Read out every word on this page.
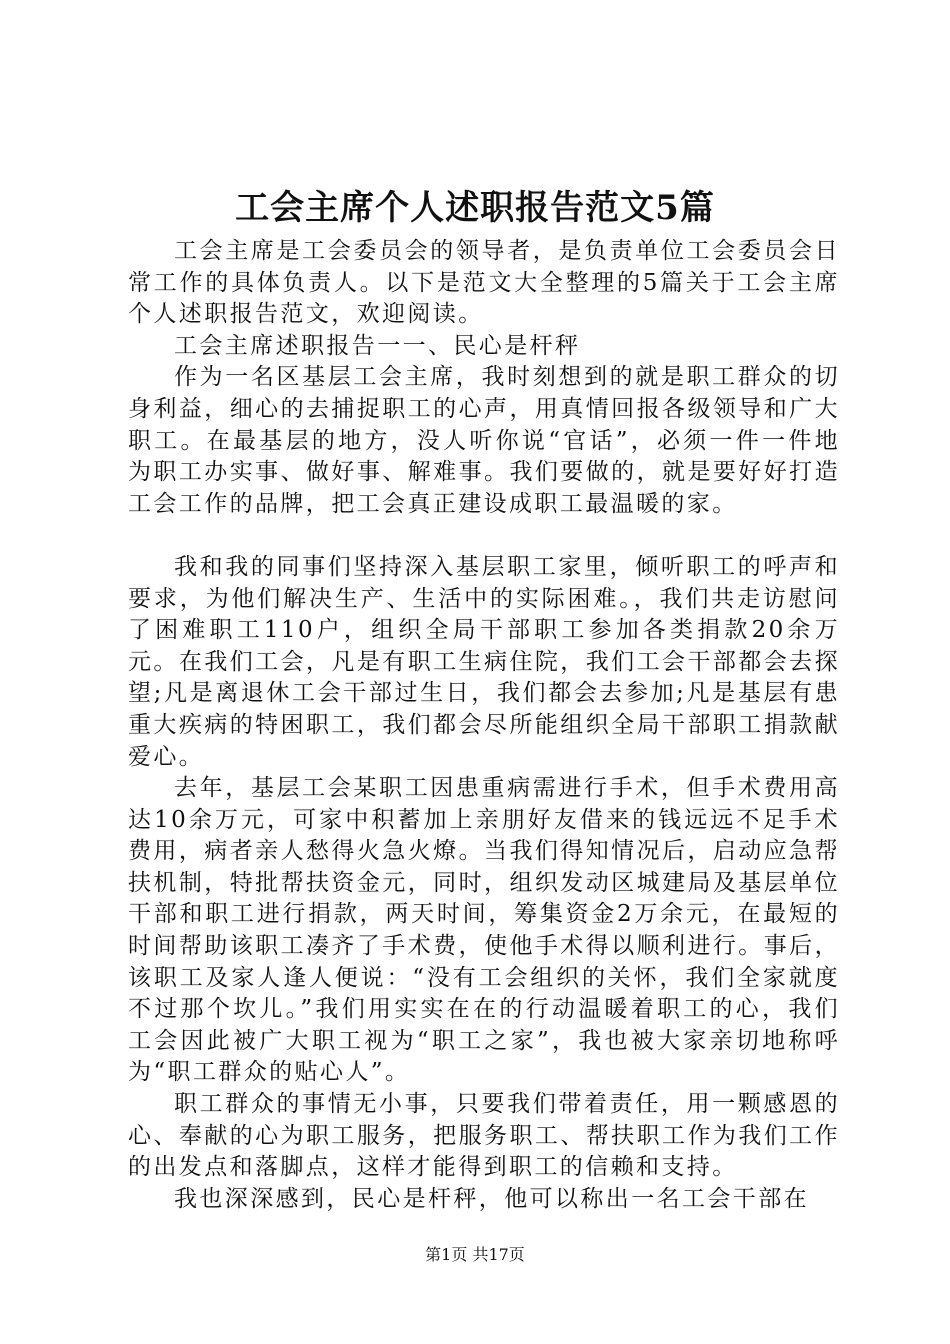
工会主席个人述职报告范文5篇

工会主席是工会委员会的领导者，是负责单位工会委员会日常工作的具体负责人。以下是范文大全整理的5篇关于工会主席个人述职报告范文，欢迎阅读。

工会主席述职报告一一、民心是杆秤

作为一名区基层工会主席，我时刻想到的就是职工群众的切身利益，细心的去捕捉职工的心声，用真情回报各级领导和广大职工。在最基层的地方，没人听你说“官话”，必须一件一件地为职工办实事、做好事、解难事。我们要做的，就是要好好打造工会工作的品牌，把工会真正建设成职工最温暖的家。

我和我的同事们坚持深入基层职工家里，倾听职工的呼声和要求，为他们解决生产、生活中的实际困难。，我们共走访慰问了困难职工110户，组织全局干部职工参加各类捐款20余万元。在我们工会，凡是有职工生病住院，我们工会干部都会去探望;凡是离退休工会干部过生日，我们都会去参加;凡是基层有患重大疾病的特困职工，我们都会尽所能组织全局干部职工捐款献爱心。

去年，基层工会某职工因患重病需进行手术，但手术费用高达10余万元，可家中积蓄加上亲朋好友借来的钱远远不足手术费用，病者亲人愁得火急火燎。当我们得知情况后，启动应急帮扶机制，特批帮扶资金元，同时，组织发动区城建局及基层单位干部和职工进行捐款，两天时间，筹集资金2万余元，在最短的时间帮助该职工凑齐了手术费，使他手术得以顺利进行。事后，该职工及家人逢人便说：“没有工会组织的关怀，我们全家就度不过那个坎儿。”我们用实实在在的行动温暖着职工的心，我们工会因此被广大职工视为“职工之家”，我也被大家亲切地称呼为“职工群众的贴心人”。

职工群众的事情无小事，只要我们带着责任，用一颗感恩的心、奉献的心为职工服务，把服务职工、帮扶职工作为我们工作的出发点和落脚点，这样才能得到职工的信赖和支持。

我也深深感到，民心是杆秤，他可以称出一名工会干部在

第1页 共17页
